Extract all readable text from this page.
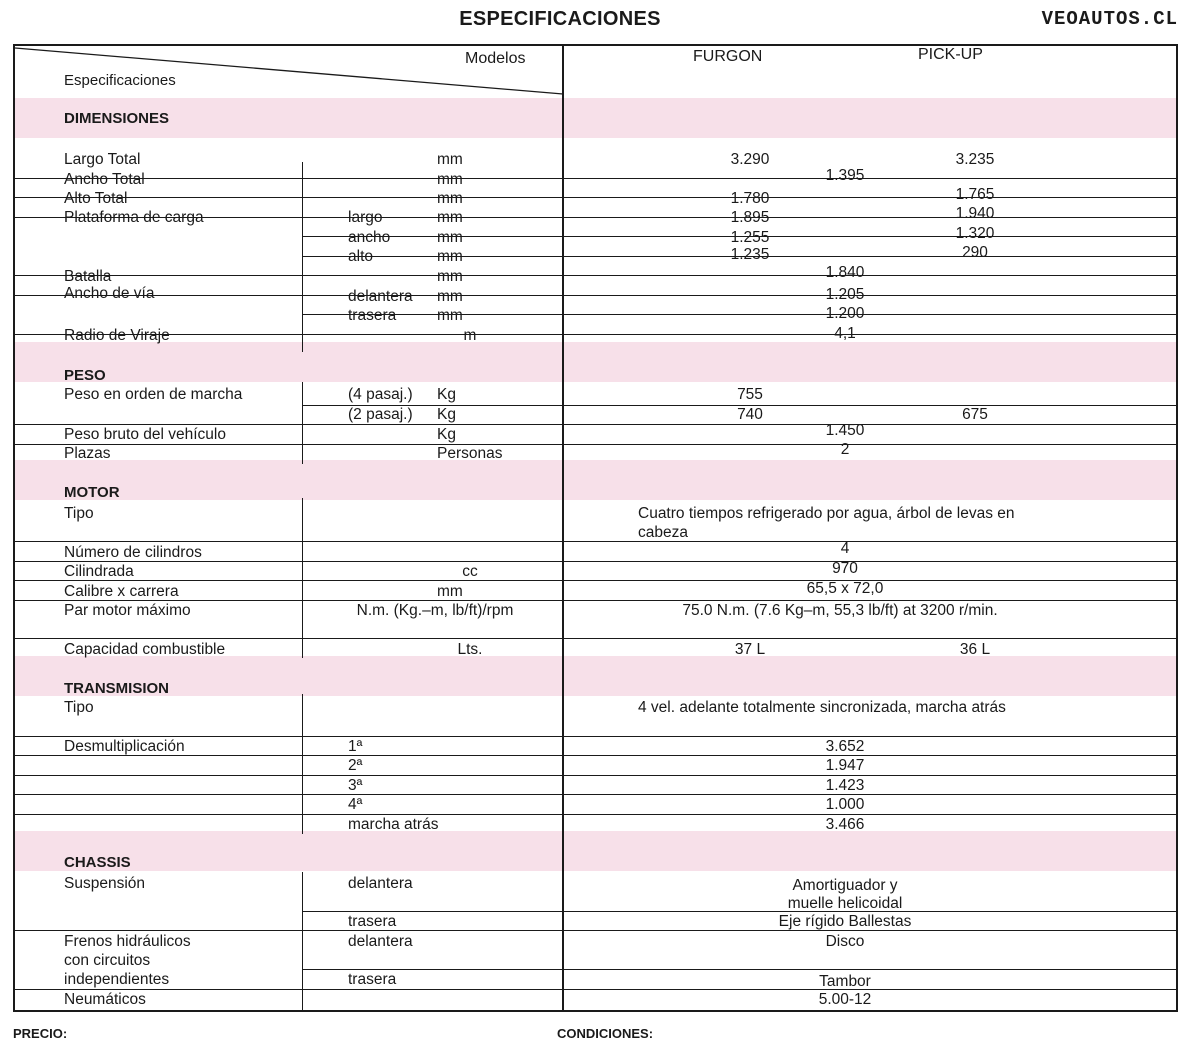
ESPECIFICACIONES	VEOAUTOS.CL
Modelos
Especificaciones
FURGON	PICK-UP
DIMENSIONES
PESO
MOTOR
TRANSMISION
CHASSIS
Largo Total	mm	3.290	3.235
Ancho Total	mm	1.395
Alto Total	mm	1.780	1.765
Plataforma de carga	largo	mm	1.895	1.940
ancho	mm	1.255	1.320
alto	mm	1.235	290
Batalla	mm	1.840
Ancho de vía	delantera mm	1.205
trasera	mm	1.200
Radio de Viraje	m	4,1
Peso en orden de marcha	(4 pasaj.) Kg	755
(2 pasaj.) Kg	740	675
Peso bruto del vehículo	Kg	1.450
Plazas	Personas	2
Tipo	Cuatro tiempos refrigerado por agua, árbol de levas en cabeza
Número de cilindros	4
Cilindrada	cc	970
Calibre x carrera	mm	65,5 x 72,0
Par motor máximo	N.m. (Kg.–m, lb/ft)/rpm	75.0 N.m. (7.6 Kg–m, 55,3 lb/ft) at 3200 r/min.
Capacidad combustible	Lts.	37 L	36 L
Tipo	4 vel. adelante totalmente sincronizada, marcha atrás
Desmultiplicación	1ª	3.652
2ª	1.947
3ª	1.423
4ª	1.000
marcha atrás	3.466
Suspensión	delantera	Amortiguador y
muelle helicoidal
trasera	Eje rígido Ballestas
Frenos hidráulicos
con circuitos
independientes
delantera	Disco
trasera	Tambor
Neumáticos	5.00-12
PRECIO:	CONDICIONES:
